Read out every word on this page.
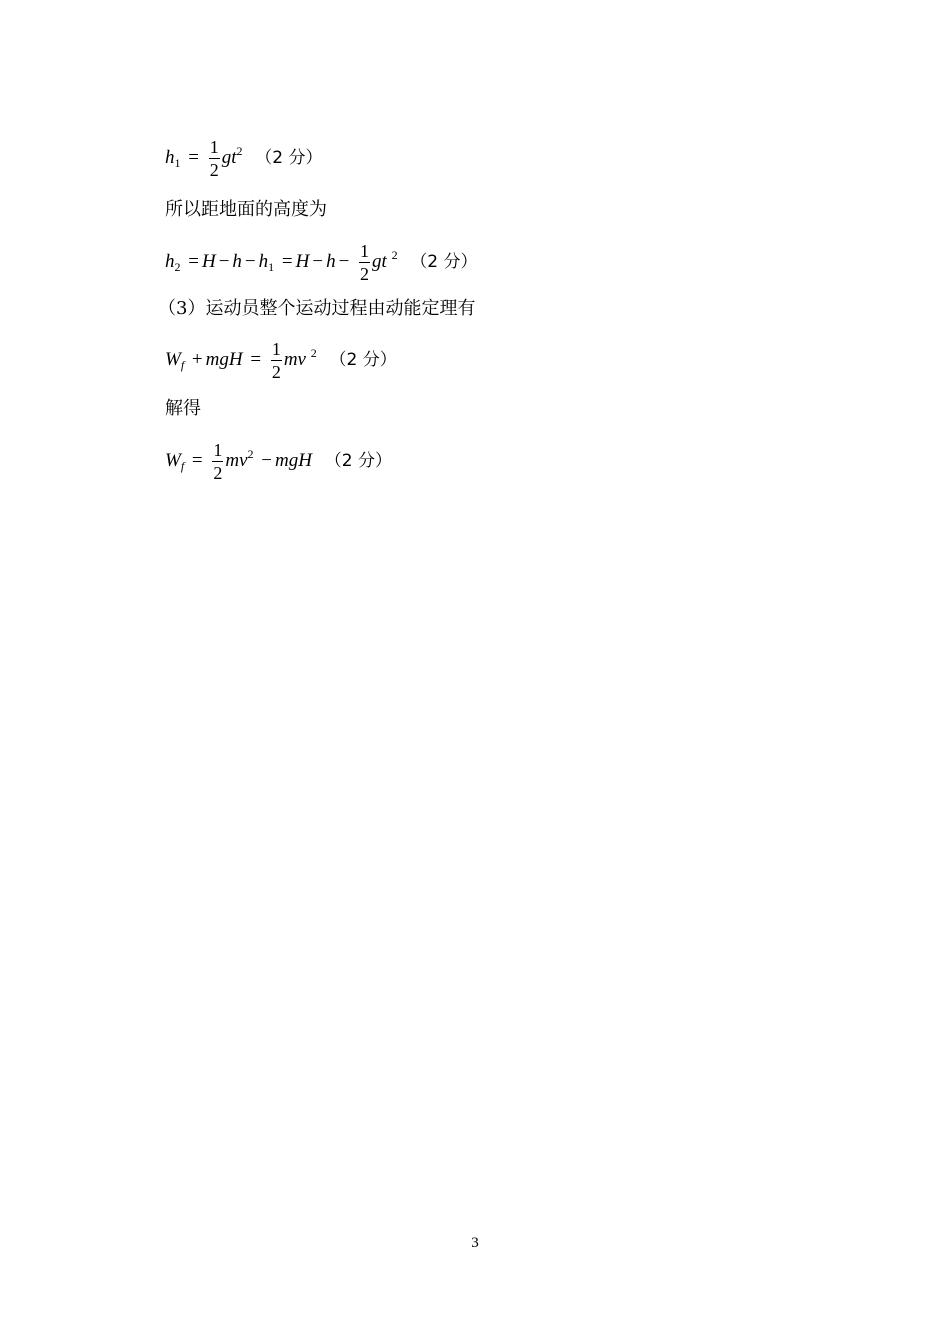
$h_1 = \frac{1}{2} gt^2$ （2 分）
所以距地面的高度为
$h_2 = H - h - h_1 = H - h - \frac{1}{2}$ gt $^2$ （2 分）
（3）运动员整个运动过程由动能定理有
$W_f$ + mgH = $\frac{1}{2}$ mv $^2$ （2 分）
解得
$W_f = \frac{1}{2} mv^2$ − mgH （2 分）
3
